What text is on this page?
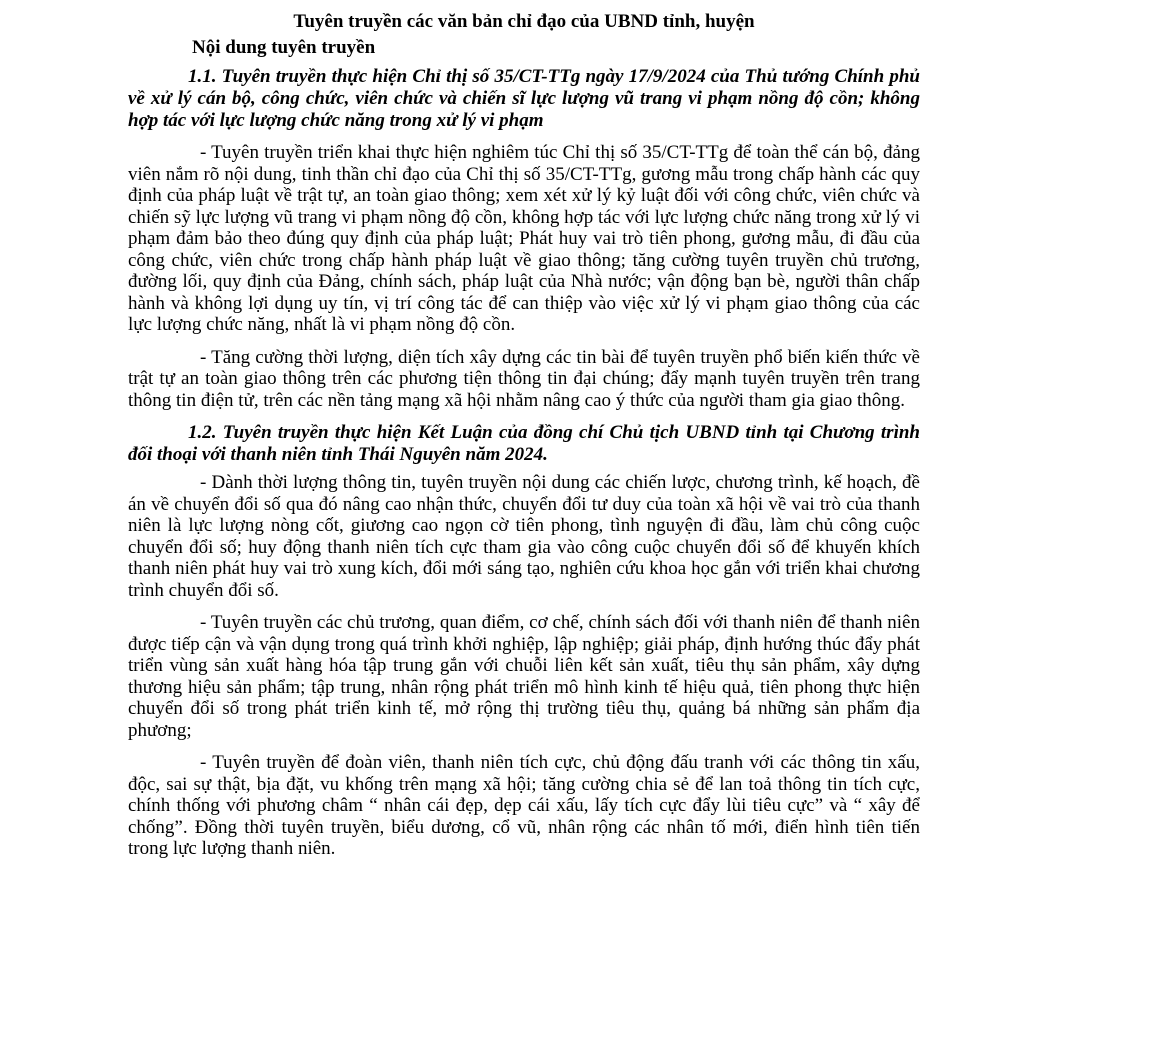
Tuyên truyền các văn bản chỉ đạo của UBND tỉnh, huyện
Nội dung tuyên truyền
1.1. Tuyên truyền thực hiện Chỉ thị số 35/CT-TTg ngày 17/9/2024 của Thủ tướng Chính phủ về xử lý cán bộ, công chức, viên chức và chiến sĩ lực lượng vũ trang vi phạm nồng độ cồn; không hợp tác với lực lượng chức năng trong xử lý vi phạm

- Tuyên truyền triển khai thực hiện nghiêm túc Chỉ thị số 35/CT-TTg để toàn thể cán bộ, đảng viên nắm rõ nội dung, tinh thần chỉ đạo của Chỉ thị số 35/CT-TTg, gương mẫu trong chấp hành các quy định của pháp luật về trật tự, an toàn giao thông; xem xét xử lý kỷ luật đối với công chức, viên chức và chiến sỹ lực lượng vũ trang vi phạm nồng độ cồn, không hợp tác với lực lượng chức năng trong xử lý vi phạm đảm bảo theo đúng quy định của pháp luật; Phát huy vai trò tiên phong, gương mẫu, đi đầu của công chức, viên chức trong chấp hành pháp luật về giao thông; tăng cường tuyên truyền chủ trương, đường lối, quy định của Đảng, chính sách, pháp luật của Nhà nước; vận động bạn bè, người thân chấp hành và không lợi dụng uy tín, vị trí công tác để can thiệp vào việc xử lý vi phạm giao thông của các lực lượng chức năng, nhất là vi phạm nồng độ cồn.

- Tăng cường thời lượng, diện tích xây dựng các tin bài để tuyên truyền phổ biến kiến thức về trật tự an toàn giao thông trên các phương tiện thông tin đại chúng; đẩy mạnh tuyên truyền trên trang thông tin điện tử, trên các nền tảng mạng xã hội nhằm nâng cao ý thức của người tham gia giao thông.

1.2. Tuyên truyền thực hiện Kết Luận của đồng chí Chủ tịch UBND tỉnh tại Chương trình đối thoại với thanh niên tỉnh Thái Nguyên năm 2024.

- Dành thời lượng thông tin, tuyên truyền nội dung các chiến lược, chương trình, kế hoạch, đề án về chuyển đổi số qua đó nâng cao nhận thức, chuyển đổi tư duy của toàn xã hội về vai trò của thanh niên là lực lượng nòng cốt, giương cao ngọn cờ tiên phong, tình nguyện đi đầu, làm chủ công cuộc chuyển đổi số; huy động thanh niên tích cực tham gia vào công cuộc chuyển đổi số để khuyến khích thanh niên phát huy vai trò xung kích, đổi mới sáng tạo, nghiên cứu khoa học gắn với triển khai chương trình chuyển đổi số.

- Tuyên truyền các chủ trương, quan điểm, cơ chế, chính sách đối với thanh niên để thanh niên được tiếp cận và vận dụng trong quá trình khởi nghiệp, lập nghiệp; giải pháp, định hướng thúc đẩy phát triển vùng sản xuất hàng hóa tập trung gắn với chuỗi liên kết sản xuất, tiêu thụ sản phẩm, xây dựng thương hiệu sản phẩm; tập trung, nhân rộng phát triển mô hình kinh tế hiệu quả, tiên phong thực hiện chuyển đổi số trong phát triển kinh tế, mở rộng thị trường tiêu thụ, quảng bá những sản phẩm địa phương;

- Tuyên truyền để đoàn viên, thanh niên tích cực, chủ động đấu tranh với các thông tin xấu, độc, sai sự thật, bịa đặt, vu khống trên mạng xã hội; tăng cường chia sẻ để lan toả thông tin tích cực, chính thống với phương châm “ nhân cái đẹp, dẹp cái xấu, lấy tích cực đẩy lùi tiêu cực” và “ xây để chống”. Đồng thời tuyên truyền, biểu dương, cổ vũ, nhân rộng các nhân tố mới, điển hình tiên tiến trong lực lượng thanh niên.
